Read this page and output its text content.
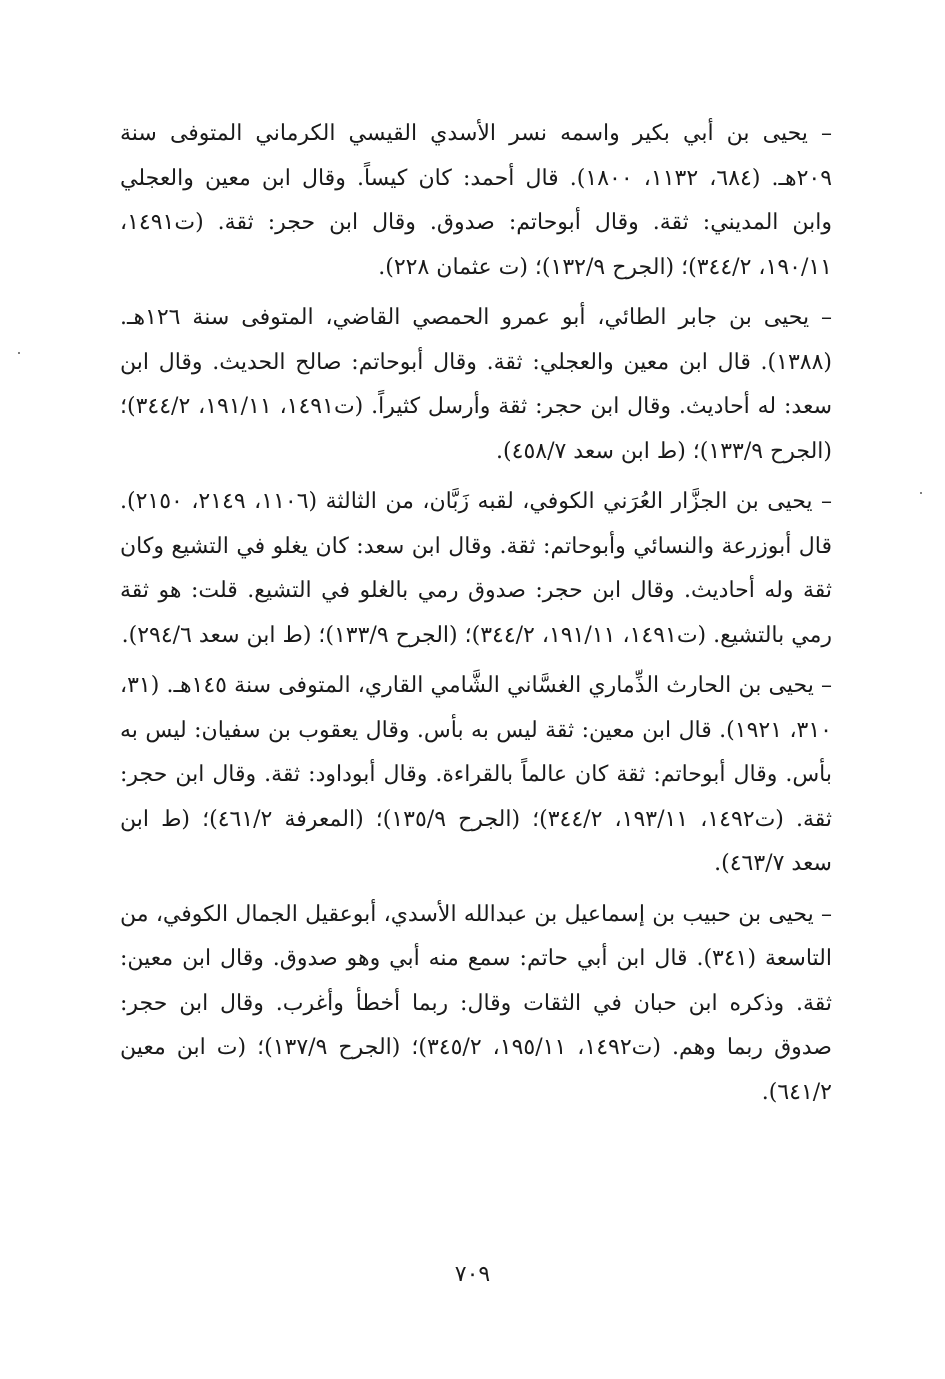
– يحيى بن أبي بكير واسمه نسر الأسدي القيسي الكرماني المتوفى سنة ٢٠٩هـ. (٦٨٤، ١١٣٢، ١٨٠٠). قال أحمد: كان كيساً. وقال ابن معين والعجلي وابن المديني: ثقة. وقال أبوحاتم: صدوق. وقال ابن حجر: ثقة. (ت١٤٩١، ١٩٠/١١، ٣٤٤/٢)؛ (الجرح ١٣٢/٩)؛ (ت عثمان ٢٢٨).

– يحيى بن جابر الطائي، أبو عمرو الحمصي القاضي، المتوفى سنة ١٢٦هـ. (١٣٨٨). قال ابن معين والعجلي: ثقة. وقال أبوحاتم: صالح الحديث. وقال ابن سعد: له أحاديث. وقال ابن حجر: ثقة وأرسل كثيراً. (ت١٤٩١، ١٩١/١١، ٣٤٤/٢)؛ (الجرح ١٣٣/٩)؛ (ط ابن سعد ٤٥٨/٧).

– يحيى بن الجزَّار العُرَني الكوفي، لقبه زَبَّان، من الثالثة (١١٠٦، ٢١٤٩، ٢١٥٠). قال أبوزرعة والنسائي وأبوحاتم: ثقة. وقال ابن سعد: كان يغلو في التشيع وكان ثقة وله أحاديث. وقال ابن حجر: صدوق رمي بالغلو في التشيع. قلت: هو ثقة رمي بالتشيع. (ت١٤٩١، ١٩١/١١، ٣٤٤/٢)؛ (الجرح ١٣٣/٩)؛ (ط ابن سعد ٢٩٤/٦).

– يحيى بن الحارث الذِّماري الغسَّاني الشَّامي القاري، المتوفى سنة ١٤٥هـ. (٣١، ٣١٠، ١٩٢١). قال ابن معين: ثقة ليس به بأس. وقال يعقوب بن سفيان: ليس به بأس. وقال أبوحاتم: ثقة كان عالماً بالقراءة. وقال أبوداود: ثقة. وقال ابن حجر: ثقة. (ت١٤٩٢، ١٩٣/١١، ٣٤٤/٢)؛ (الجرح ١٣٥/٩)؛ (المعرفة ٤٦١/٢)؛ (ط ابن سعد ٤٦٣/٧).

– يحيى بن حبيب بن إسماعيل بن عبدالله الأسدي، أبوعقيل الجمال الكوفي، من التاسعة (٣٤١). قال ابن أبي حاتم: سمع منه أبي وهو صدوق. وقال ابن معين: ثقة. وذكره ابن حبان في الثقات وقال: ربما أخطأ وأغرب. وقال ابن حجر: صدوق ربما وهم. (ت١٤٩٢، ١٩٥/١١، ٣٤٥/٢)؛ (الجرح ١٣٧/٩)؛ (ت ابن معين ٦٤١/٢).

٧٠٩
